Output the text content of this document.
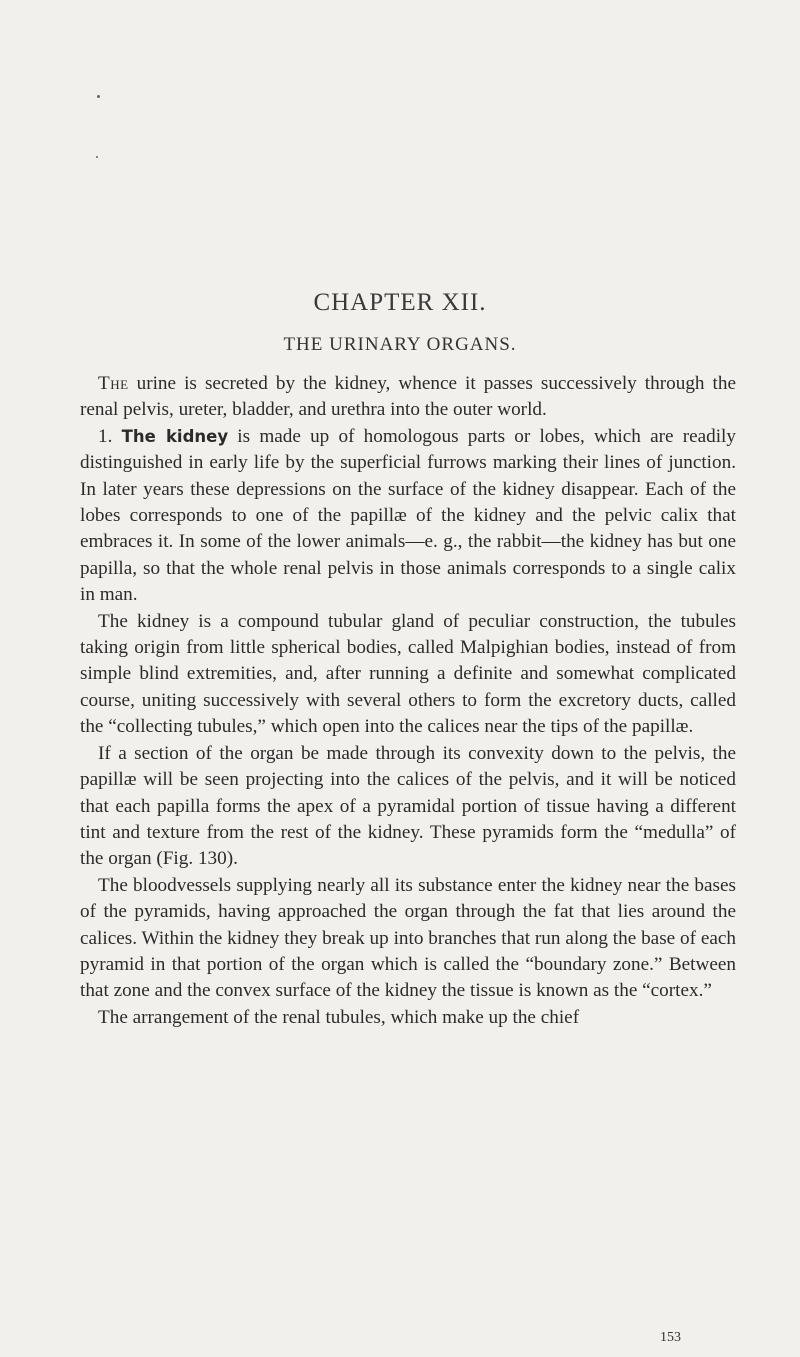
CHAPTER XII.
THE URINARY ORGANS.

The urine is secreted by the kidney, whence it passes successively through the renal pelvis, ureter, bladder, and urethra into the outer world.

1. The kidney is made up of homologous parts or lobes, which are readily distinguished in early life by the superficial furrows marking their lines of junction. In later years these depressions on the surface of the kidney disappear. Each of the lobes corresponds to one of the papillæ of the kidney and the pelvic calix that embraces it. In some of the lower animals—e. g., the rabbit—the kidney has but one papilla, so that the whole renal pelvis in those animals corresponds to a single calix in man.

The kidney is a compound tubular gland of peculiar construction, the tubules taking origin from little spherical bodies, called Malpighian bodies, instead of from simple blind extremities, and, after running a definite and somewhat complicated course, uniting successively with several others to form the excretory ducts, called the “collecting tubules,” which open into the calices near the tips of the papillæ.

If a section of the organ be made through its convexity down to the pelvis, the papillæ will be seen projecting into the calices of the pelvis, and it will be noticed that each papilla forms the apex of a pyramidal portion of tissue having a different tint and texture from the rest of the kidney. These pyramids form the “medulla” of the organ (Fig. 130).

The bloodvessels supplying nearly all its substance enter the kidney near the bases of the pyramids, having approached the organ through the fat that lies around the calices. Within the kidney they break up into branches that run along the base of each pyramid in that portion of the organ which is called the “boundary zone.” Between that zone and the convex surface of the kidney the tissue is known as the “cortex.”

The arrangement of the renal tubules, which make up the chief

153
